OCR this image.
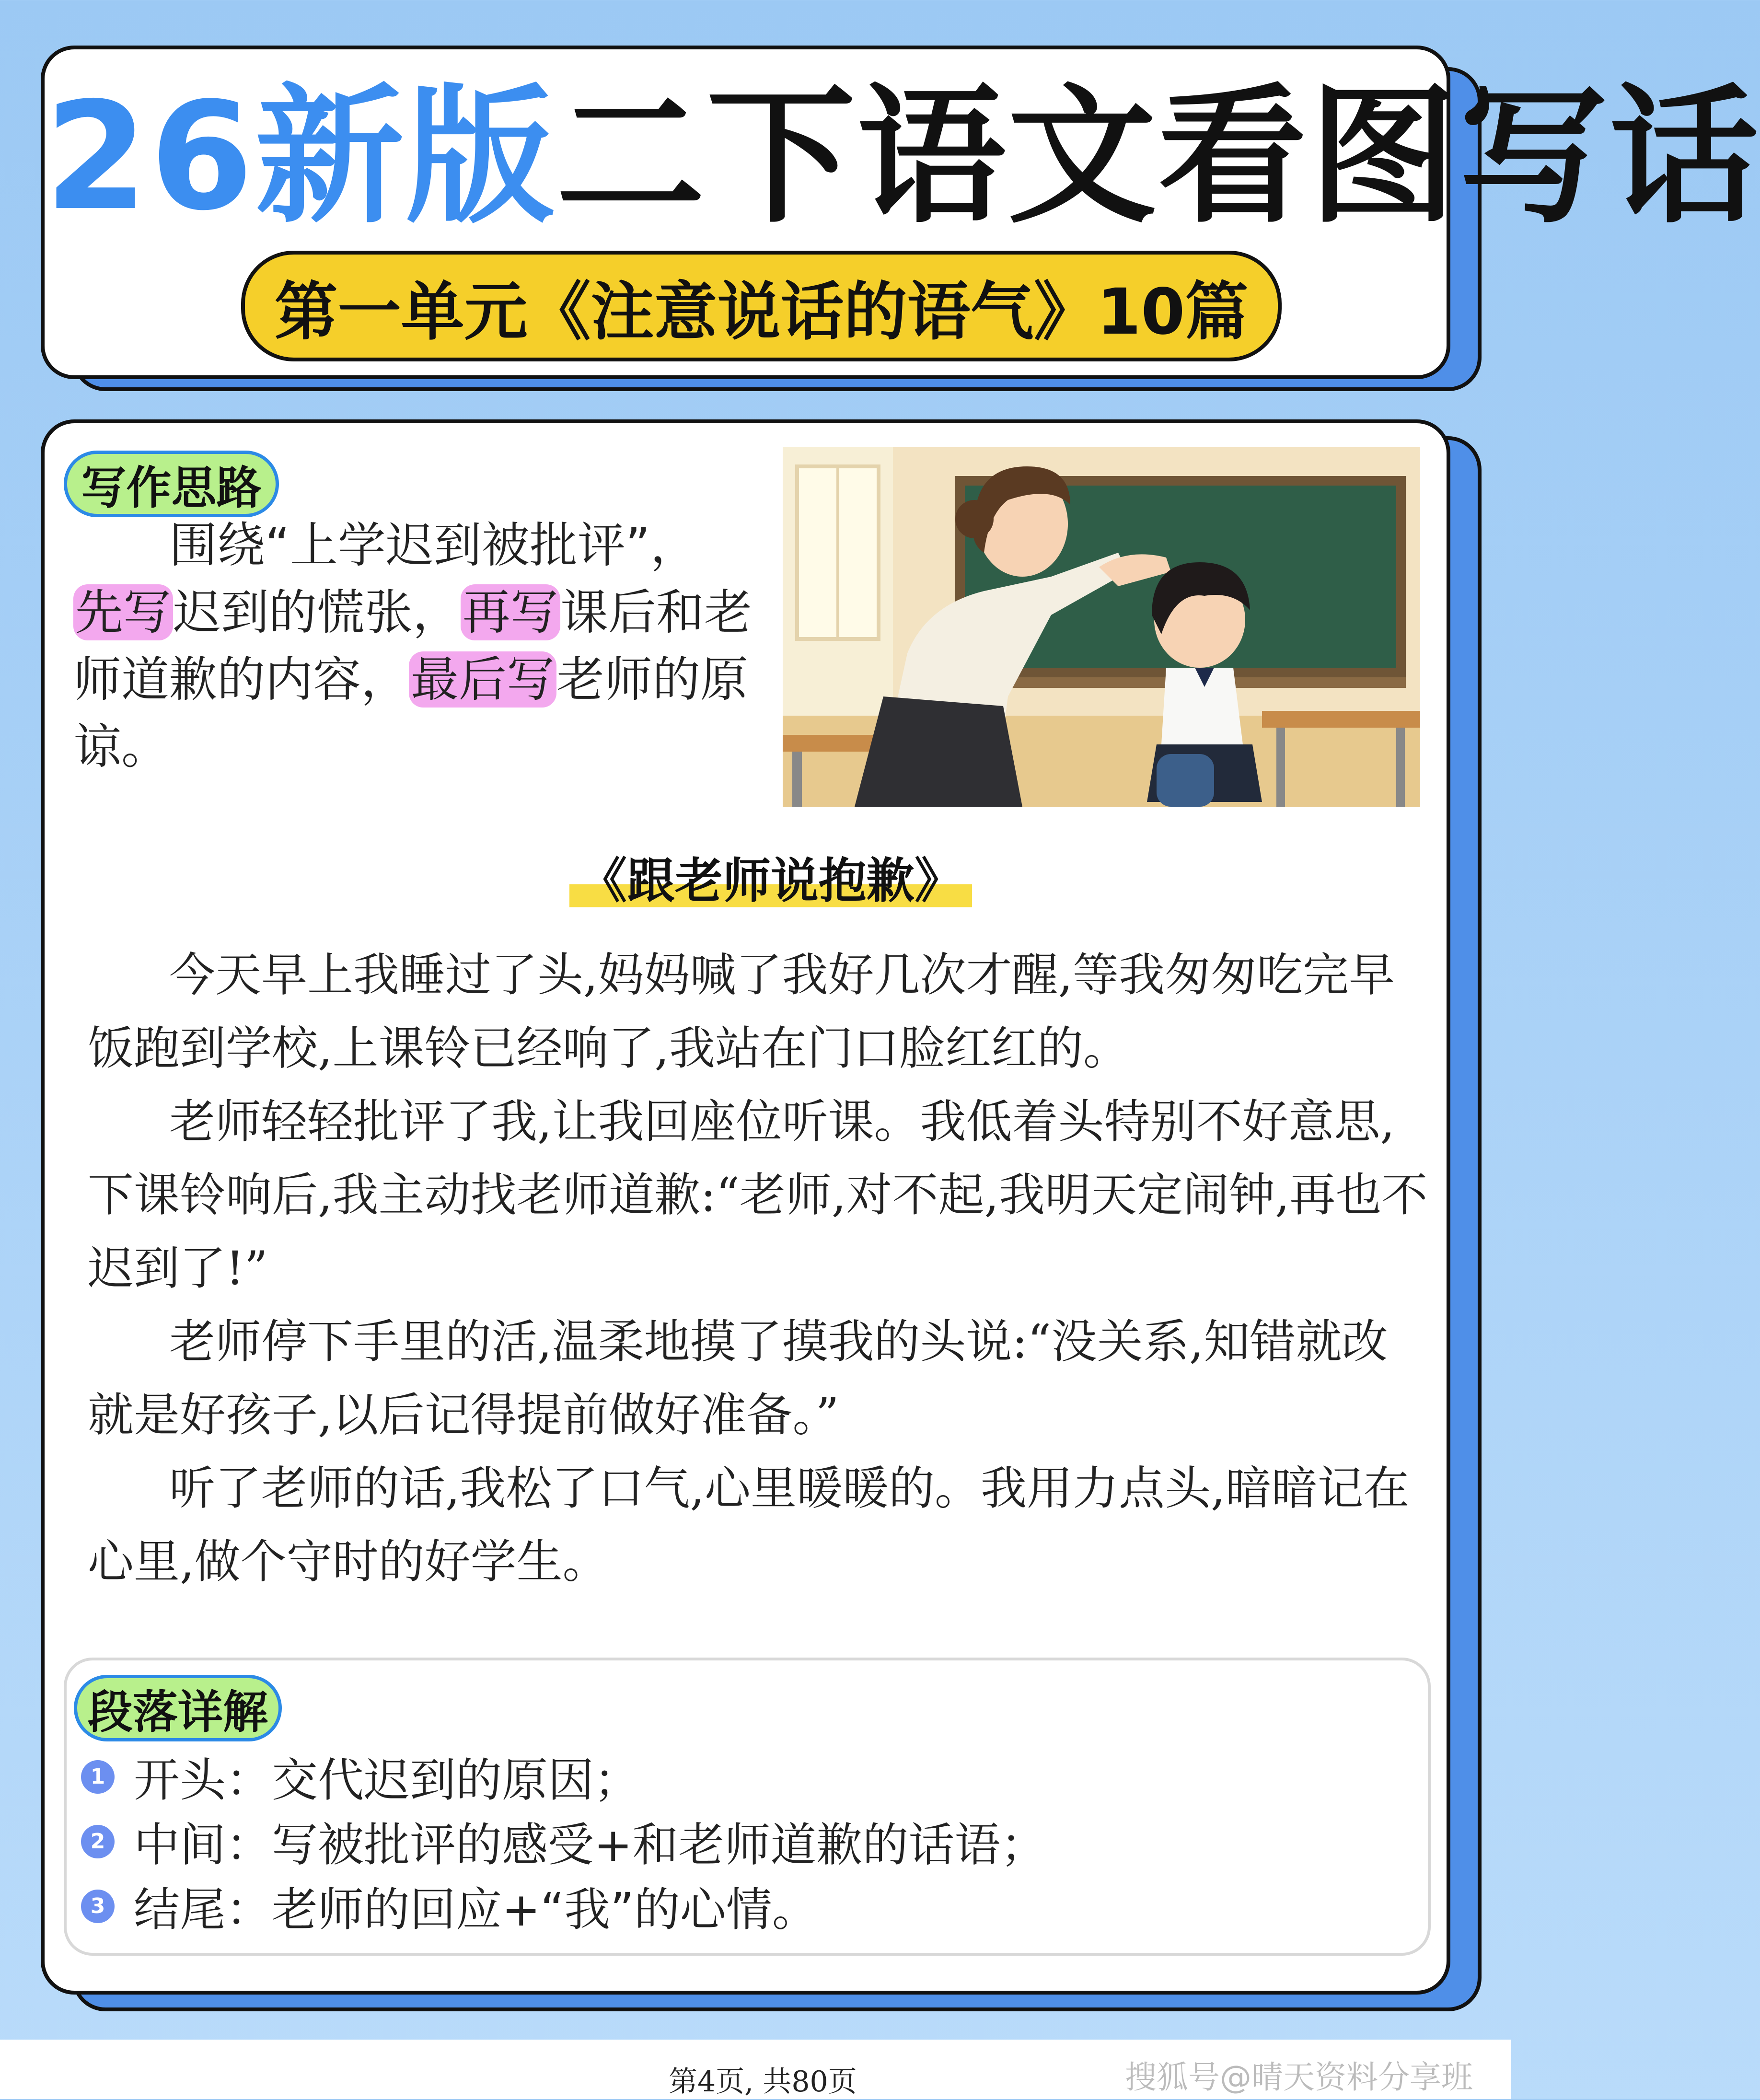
26新版二下语文看图写话
第一单元《注意说话的语气》10篇
写作思路
围绕“上学迟到被批评”，
先写迟到的慌张，再写课后和老师道歉的内容，最后写老师的原谅。
《跟老师说抱歉》

今天早上我睡过了头,妈妈喊了我好几次才醒,等我匆匆吃完早饭跑到学校,上课铃已经响了,我站在门口脸红红的。

老师轻轻批评了我,让我回座位听课。我低着头特别不好意思,下课铃响后,我主动找老师道歉:“老师,对不起,我明天定闹钟,再也不迟到了!”

老师停下手里的活,温柔地摸了摸我的头说:“没关系,知错就改就是好孩子,以后记得提前做好准备。”

听了老师的话,我松了口气,心里暖暖的。我用力点头,暗暗记在心里,做个守时的好学生。

段落详解
1 开头：交代迟到的原因；
2 中间：写被批评的感受+和老师道歉的话语；
3 结尾：老师的回应+“我”的心情。
第4页, 共80页	搜狐号@晴天资料分享班
